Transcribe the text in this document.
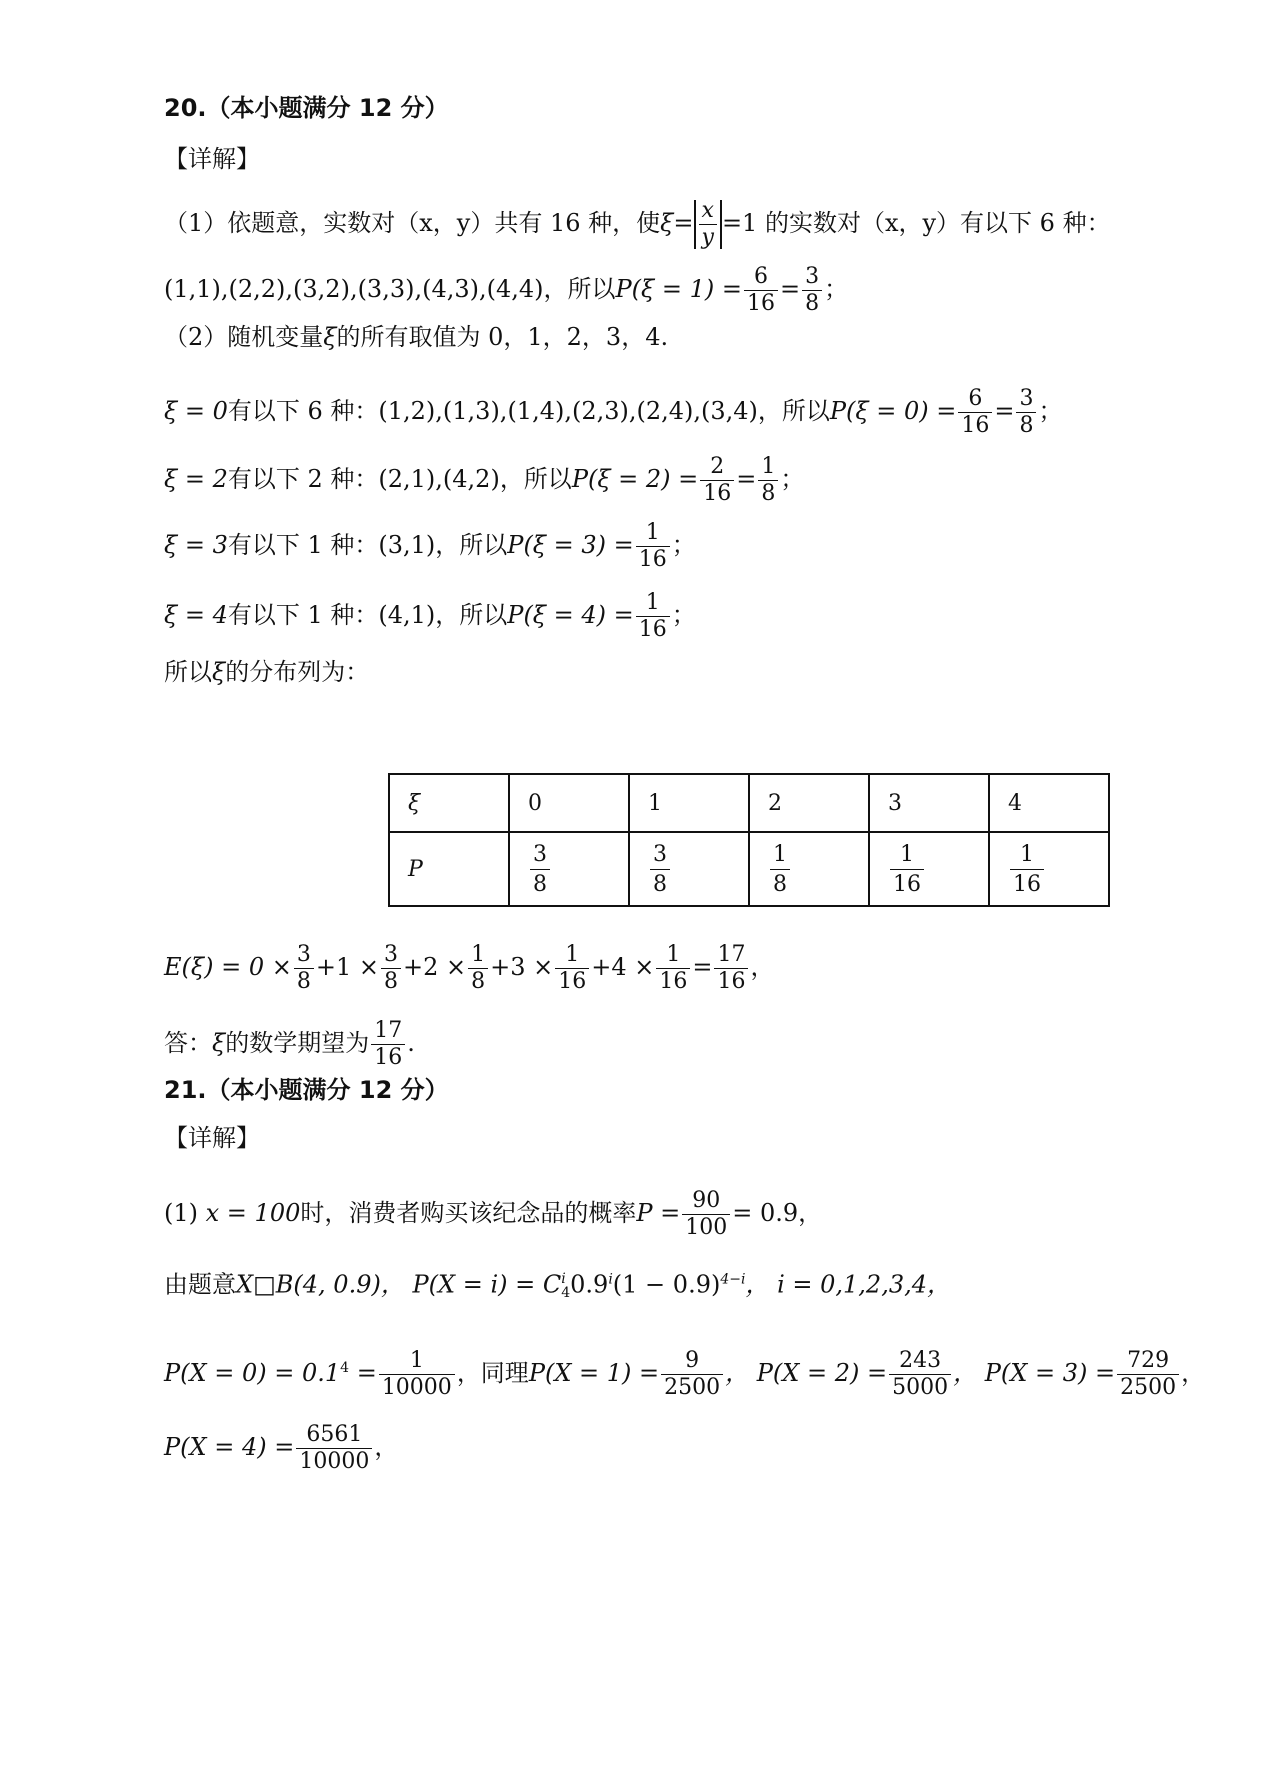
20.（本小题满分 12 分）
【详解】
（1）依题意，实数对（x，y）共有 16 种，使$\xi= \frac{x}{y} =1$ 的实数对（x，y）有以下 6 种：
(1,1),(2,2),(3,2),(3,3),(4,3),(4,4)，所以$P(\xi = 1) = \frac{6}{16} = \frac{3}{8}$ ；
（2）随机变量ξ的所有取值为 0，1，2，3，4.
ξ = 0有以下 6 种：(1,2),(1,3),(1,4),(2,3),(2,4),(3,4)，所以$P(\xi = 0) = \frac{6}{16} = \frac{3}{8}$ ；
ξ = 2有以下 2 种：(2,1),(4,2)，所以$P(\xi = 2) = \frac{2}{16} = \frac{1}{8}$ ；
ξ = 3有以下 1 种：(3,1)，所以$P(\xi = 3) = \frac{1}{16}$ ；
ξ = 4有以下 1 种：(4,1)，所以$P(\xi = 4) = \frac{1}{16}$ ；
所以ξ的分布列为：
ξ	0	1	2	3	4
P	$\frac{3}{8}$	$\frac{3}{8}$	$\frac{1}{8}$	$\frac{1}{16}$	$\frac{1}{16}$
$E(\xi) = 0 \times \frac{3}{8} +1 \times \frac{3}{8} +2 \times \frac{1}{8} +3 \times \frac{1}{16} +4 \times \frac{1}{16} = \frac{17}{16}$ ，
答：ξ的数学期望为 $\frac{17}{16}$ .
21.（本小题满分 12 分）
【详解】
(1) x = 100时，消费者购买该纪念品的概率$P = \frac{90}{100} = 0.9$，
由题意X□B(4, 0.9)， P(X = i) = C i
4 $0.9^i(1 - 0.9)^{4-i}$， i = 0,1,2,3,4，
$P(X = 0) = 0.1^4 = \frac{1}{10000}$ ，同理$P(X = 1) = \frac{9}{2500}$ ， $P(X = 2) = \frac{243}{5000}$ ， $P(X = 3) = \frac{729}{2500}$ ，
$P(X = 4) = \frac{6561}{10000}$ ，
